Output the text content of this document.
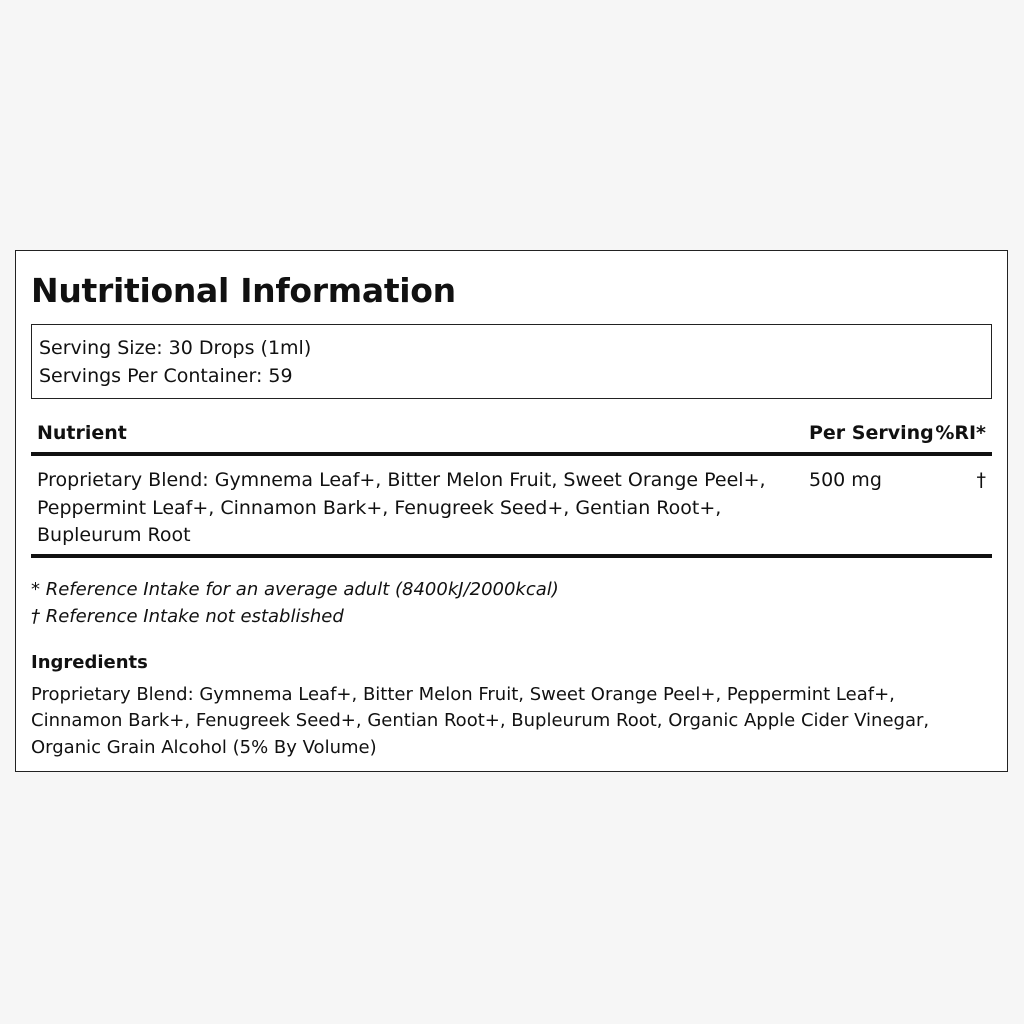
Nutritional Information
Serving Size: 30 Drops (1ml)
Servings Per Container: 59
Nutrient	Per Serving %RI*
Proprietary Blend: Gymnema Leaf+, Bitter Melon Fruit, Sweet Orange Peel+, Peppermint Leaf+, Cinnamon Bark+, Fenugreek Seed+, Gentian Root+, Bupleurum Root
500 mg	†
* Reference Intake for an average adult (8400kJ/2000kcal)
† Reference Intake not established
Ingredients
Proprietary Blend: Gymnema Leaf+, Bitter Melon Fruit, Sweet Orange Peel+, Peppermint Leaf+, Cinnamon Bark+, Fenugreek Seed+, Gentian Root+, Bupleurum Root, Organic Apple Cider Vinegar, Organic Grain Alcohol (5% By Volume)
